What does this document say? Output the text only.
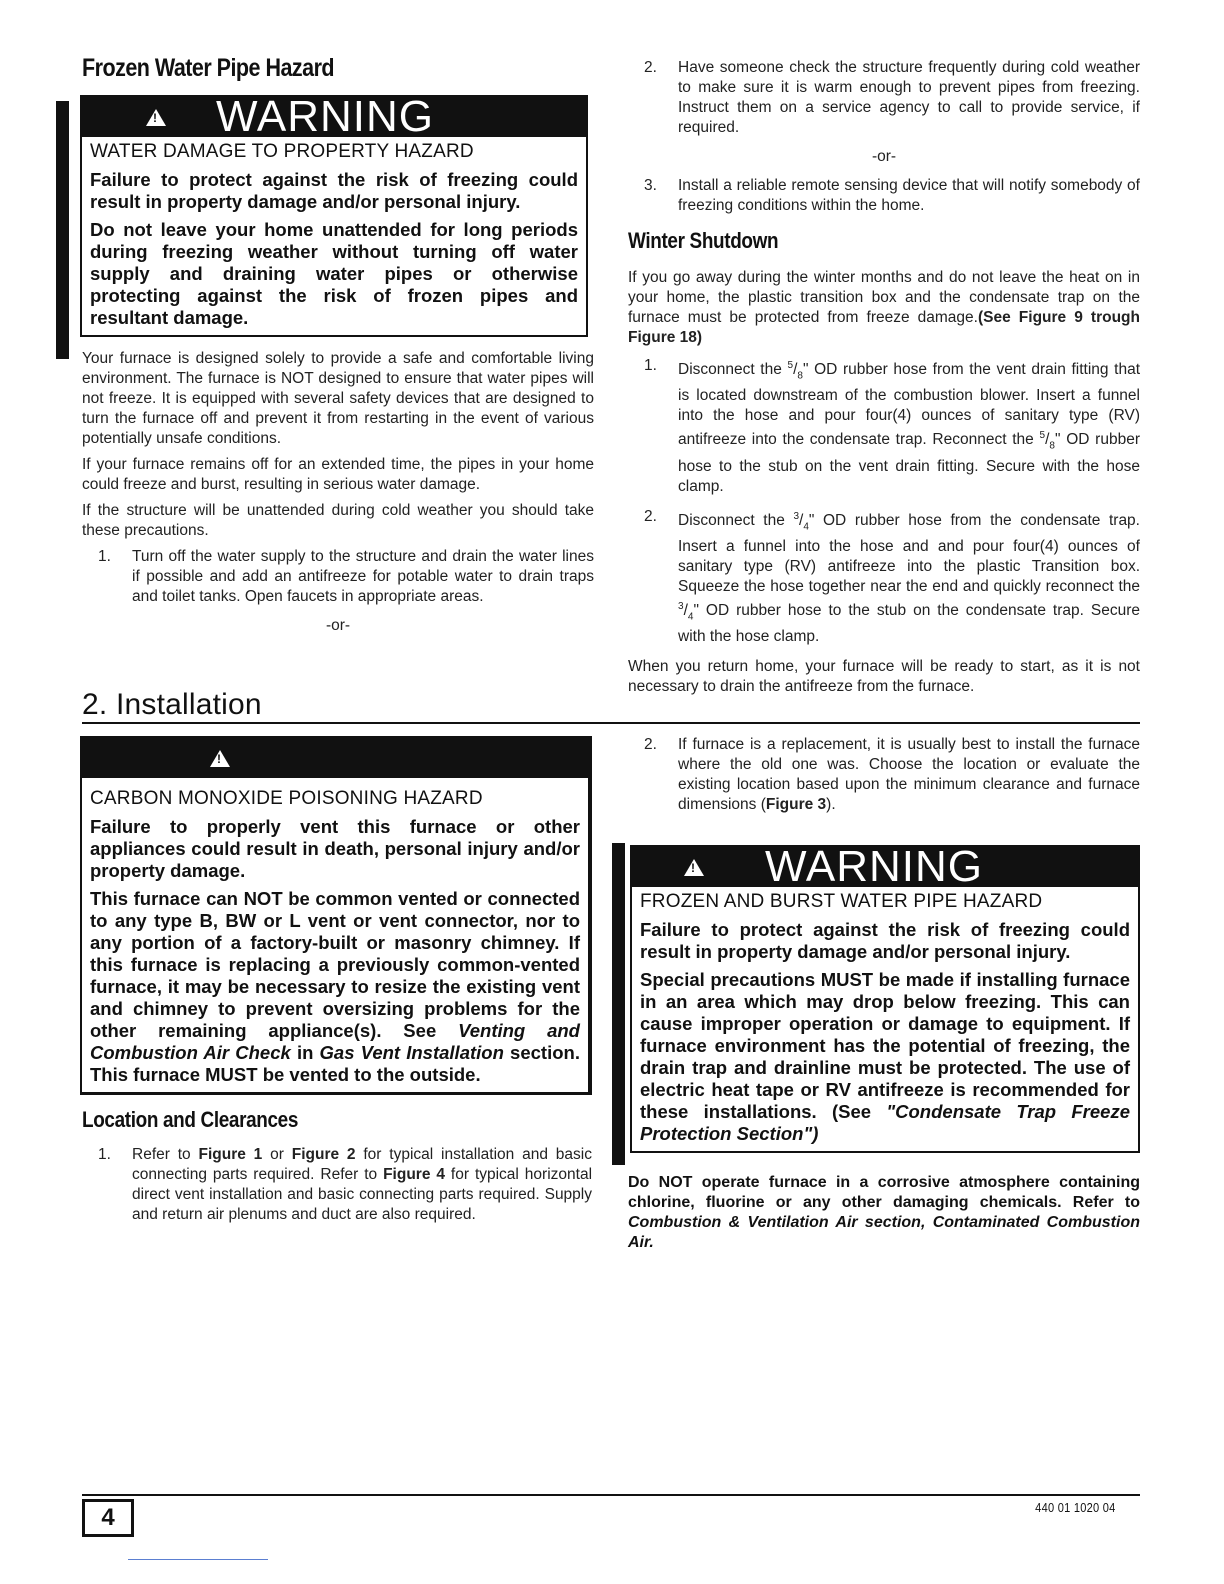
Frozen Water Pipe Hazard
!
WARNING
WATER DAMAGE TO PROPERTY HAZARD

Failure to protect against the risk of freezing could result in property damage and/or personal injury.

Do not leave your home unattended for long periods during freezing weather without turning off water supply and draining water pipes or otherwise protecting against the risk of frozen pipes and resultant damage.

Your furnace is designed solely to provide a safe and comfortable living environment. The furnace is NOT designed to ensure that water pipes will not freeze. It is equipped with several safety devices that are designed to turn the furnace off and prevent it from restarting in the event of various potentially unsafe conditions.

If your furnace remains off for an extended time, the pipes in your home could freeze and burst, resulting in serious water damage.

If the structure will be unattended during cold weather you should take these precautions.

1. Turn off the water supply to the structure and drain the water lines if possible and add an antifreeze for potable water to drain traps and toilet tanks. Open faucets in appropriate areas.
-or-
2. Have someone check the structure frequently during cold weather to make sure it is warm enough to prevent pipes from freezing. Instruct them on a service agency to call to provide service, if required.
-or-
3. Install a reliable remote sensing device that will notify somebody of freezing conditions within the home.
Winter Shutdown

If you go away during the winter months and do not leave the heat on in your home, the plastic transition box and the condensate trap on the furnace must be protected from freeze damage.(See Figure 9 trough Figure 18)

1. Disconnect the $^5/_8$" OD rubber hose from the vent drain fitting that is located downstream of the combustion blower. Insert a funnel into the hose and pour four(4) ounces of sanitary type (RV) antifreeze into the condensate trap. Reconnect the $^5/_8$" OD rubber hose to the stub on the vent drain fitting. Secure with the hose clamp.
2. Disconnect the $^3/_4$" OD rubber hose from the condensate trap. Insert a funnel into the hose and and pour four(4) ounces of sanitary type (RV) antifreeze into the plastic Transition box. Squeeze the hose together near the end and quickly reconnect the $^3/_4$" OD rubber hose to the stub on the condensate trap. Secure with the hose clamp.

When you return home, your furnace will be ready to start, as it is not necessary to drain the antifreeze from the furnace.

2. Installation
!
CARBON MONOXIDE POISONING HAZARD

Failure to properly vent this furnace or other appliances could result in death, personal injury and/or property damage.

This furnace can NOT be common vented or connected to any type B, BW or L vent or vent connector, nor to any portion of a factory-built or masonry chimney. If this furnace is replacing a previously common-vented furnace, it may be necessary to resize the existing vent and chimney to prevent oversizing problems for the other remaining appliance(s). See Venting and Combustion Air Check in Gas Vent Installation section. This furnace MUST be vented to the outside.

Location and Clearances
1. Refer to Figure 1 or Figure 2 for typical installation and basic connecting parts required. Refer to Figure 4 for typical horizontal direct vent installation and basic connecting parts required. Supply and return air plenums and duct are also required.
2. If furnace is a replacement, it is usually best to install the furnace where the old one was. Choose the location or evaluate the existing location based upon the minimum clearance and furnace dimensions (Figure 3).
!
WARNING
FROZEN AND BURST WATER PIPE HAZARD

Failure to protect against the risk of freezing could result in property damage and/or personal injury.

Special precautions MUST be made if installing furnace in an area which may drop below freezing. This can cause improper operation or damage to equipment. If furnace environment has the potential of freezing, the drain trap and drainline must be protected. The use of electric heat tape or RV antifreeze is recommended for these installations. (See "Condensate Trap Freeze Protection Section")

Do NOT operate furnace in a corrosive atmosphere containing chlorine, fluorine or any other damaging chemicals. Refer to Combustion & Ventilation Air section, Contaminated Combustion Air.

4	440 01 1020 04
